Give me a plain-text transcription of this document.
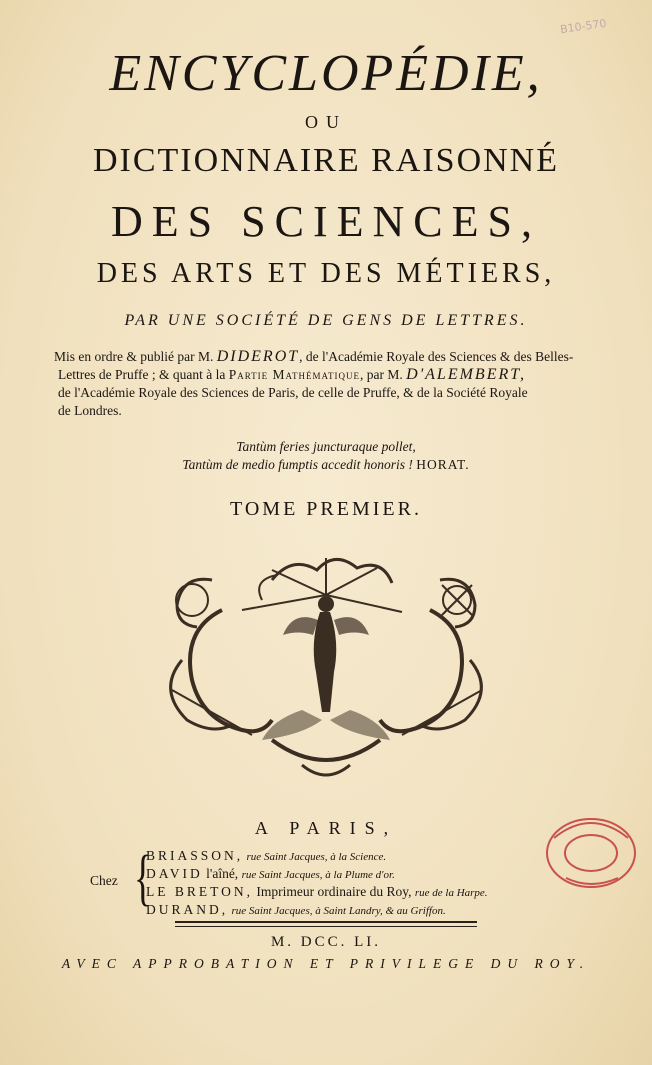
B10-570
ENCYCLOPÉDIE,
OU
DICTIONNAIRE RAISONNÉ
DES SCIENCES,
DES ARTS ET DES MÉTIERS,
PAR UNE SOCIÉTÉ DE GENS DE LETTRES.
Mis en ordre & publié par M. DIDEROT, de l'Académie Royale des Sciences & des Belles-
Lettres de Pruffe ; & quant à la Partie Mathématique, par M. D'ALEMBERT,
de l'Académie Royale des Sciences de Paris, de celle de Pruffe, & de la Société Royale
de Londres.
Tantùm feries juncturaque pollet,
Tantùm de medio fumptis accedit honoris ! HORAT.
TOME PREMIER.
A PARIS,
Chez {
BRIASSON, rue Saint Jacques, à la Science.
DAVID l'aîné, rue Saint Jacques, à la Plume d'or.
LE BRETON, Imprimeur ordinaire du Roy, rue de la Harpe.
DURAND, rue Saint Jacques, à Saint Landry, & au Griffon.
M. DCC. LI.
AVEC APPROBATION ET PRIVILEGE DU ROY.
